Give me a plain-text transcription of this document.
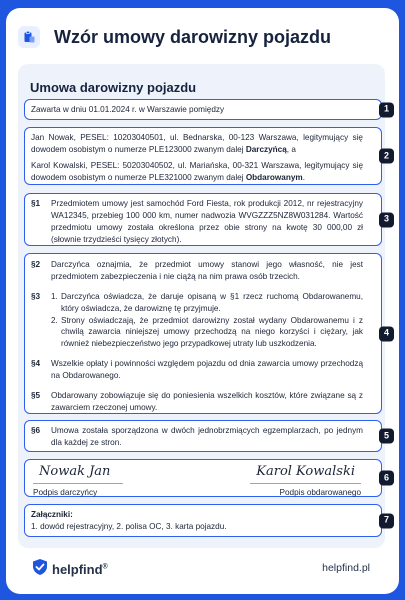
Wzór umowy darowizny pojazdu
Umowa darowizny pojazdu
Zawarta w dniu 01.01.2024 r. w Warszawie pomiędzy	1
Jan Nowak, PESEL: 10203040501, ul. Bednarska, 00-123 Warszawa, legitymujący się dowodem osobistym o numerze PLE123000 zwanym dalej Darczyńcą, a
Karol Kowalski, PESEL: 50203040502, ul. Mariańska, 00-321 Warszawa, legitymujący się dowodem osobistym o numerze PLE321000 zwanym dalej Obdarowanym.
2
§1	Przedmiotem umowy jest samochód Ford Fiesta, rok produkcji 2012, nr rejestracyjny WA12345, przebieg 100 000 km, numer nadwozia WVGZZZ5NZ8W031284. Wartość przedmiotu umowy została określona przez obie strony na kwotę 30 000,00 zł (słownie trzydzieści tysięcy złotych).
3
§2	Darczyńca oznajmia, że przedmiot umowy stanowi jego własność, nie jest przedmiotem zabezpieczenia i nie ciążą na nim prawa osób trzecich.
§3	1. Darczyńca oświadcza, że daruje opisaną w §1 rzecz ruchomą Obdarowanemu, który oświadcza, że darowiznę tę przyjmuje.
2. Strony oświadczają, że przedmiot darowizny został wydany Obdarowanemu i z chwilą zawarcia niniejszej umowy przechodzą na niego korzyści i ciężary, jak również niebezpieczeństwo jego przypadkowej utraty lub uszkodzenia.
§4	Wszelkie opłaty i powinności względem pojazdu od dnia zawarcia umowy przechodzą na Obdarowanego.
§5	Obdarowany zobowiązuje się do poniesienia wszelkich kosztów, które związane są z zawarciem rzeczonej umowy.
4
§6	Umowa została sporządzona w dwóch jednobrzmiących egzemplarzach, po jednym dla każdej ze stron.
5
Nowak Jan
Podpis darczyńcy
Karol Kowalski
Podpis obdarowanego
6
Załączniki:
1. dowód rejestracyjny, 2. polisa OC, 3. karta pojazdu.
7
helpfind®	helpfind.pl
